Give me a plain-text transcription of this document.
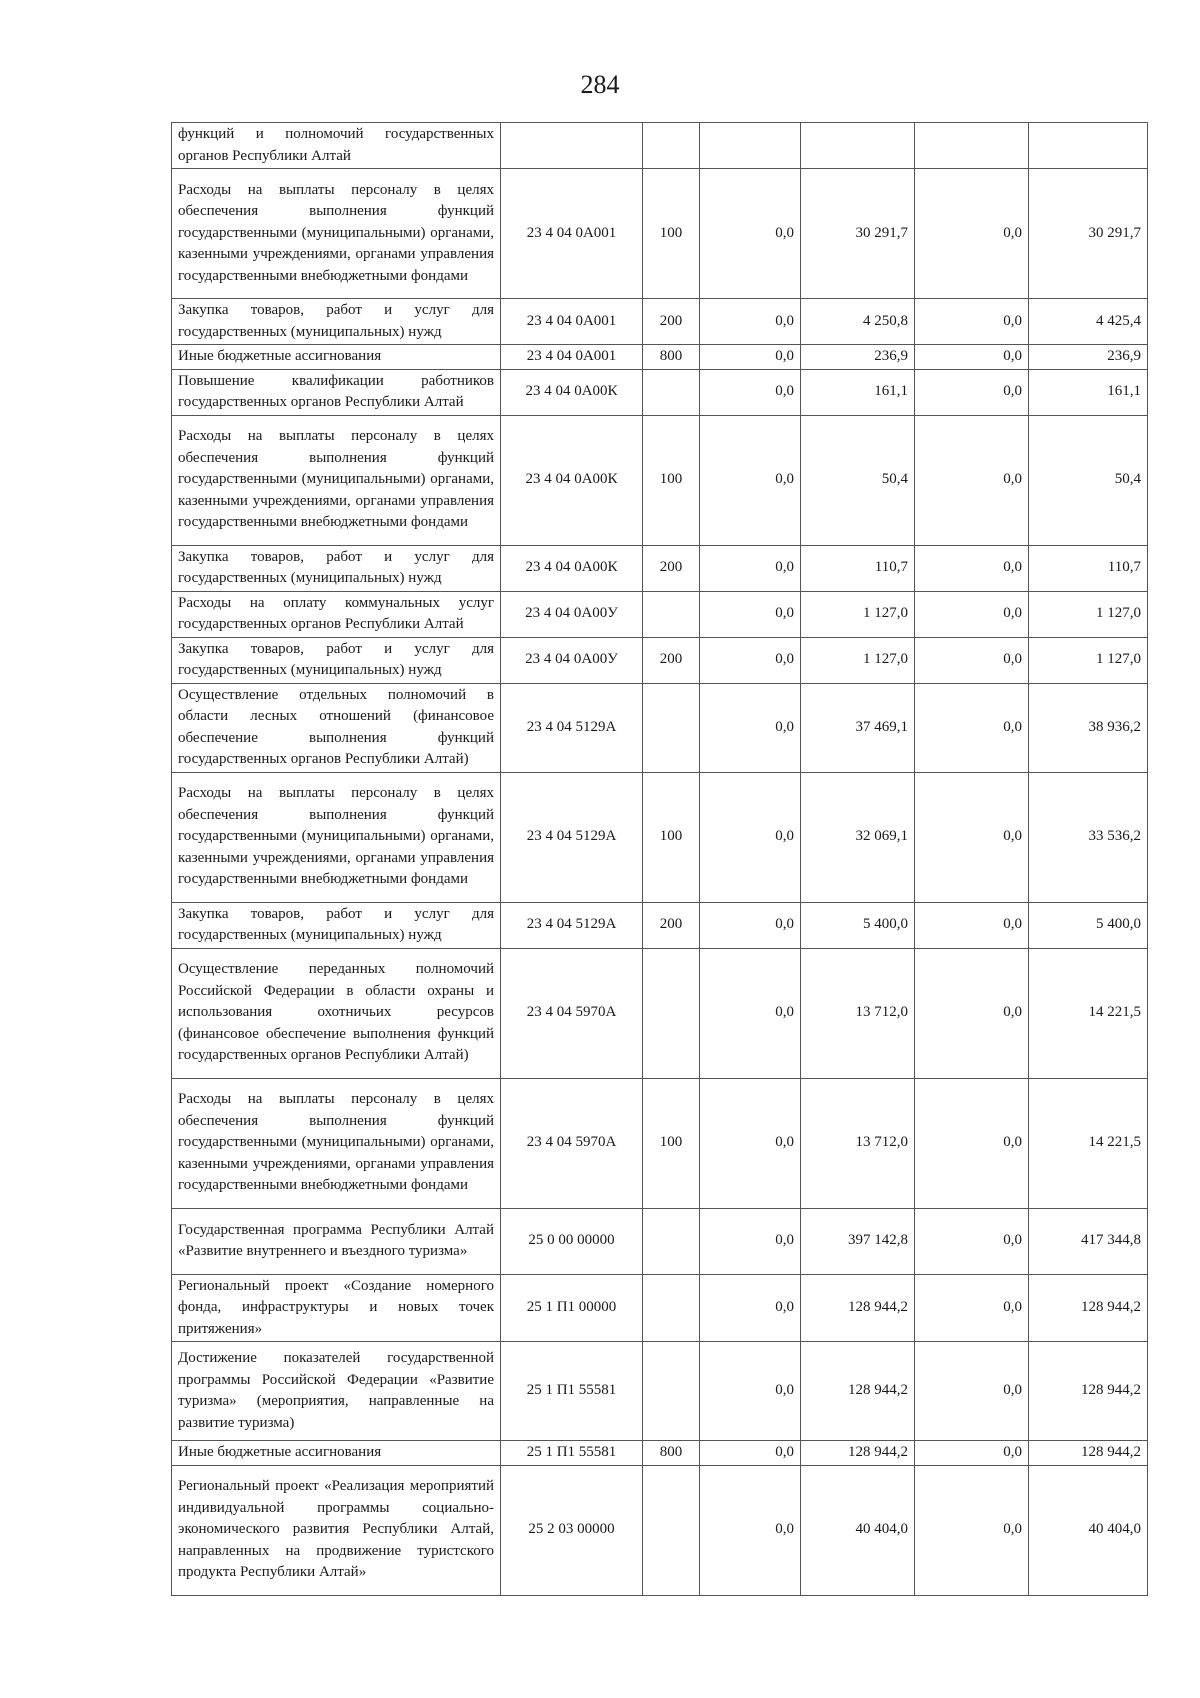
284
функций и полномочий государственных органов Республики Алтай						
Расходы на выплаты персоналу в целях обеспечения выполнения функций государственными (муниципальными) органами, казенными учреждениями, органами управления государственными внебюджетными фондами	23 4 04 0А001	100	0,0	30 291,7	0,0	30 291,7
Закупка товаров, работ и услуг для государственных (муниципальных) нужд	23 4 04 0А001	200	0,0	4 250,8	0,0	4 425,4
Иные бюджетные ассигнования	23 4 04 0А001	800	0,0	236,9	0,0	236,9
Повышение квалификации работников государственных органов Республики Алтай	23 4 04 0А00К		0,0	161,1	0,0	161,1
Расходы на выплаты персоналу в целях обеспечения выполнения функций государственными (муниципальными) органами, казенными учреждениями, органами управления государственными внебюджетными фондами	23 4 04 0А00К	100	0,0	50,4	0,0	50,4
Закупка товаров, работ и услуг для государственных (муниципальных) нужд	23 4 04 0А00К	200	0,0	110,7	0,0	110,7
Расходы на оплату коммунальных услуг государственных органов Республики Алтай	23 4 04 0А00У		0,0	1 127,0	0,0	1 127,0
Закупка товаров, работ и услуг для государственных (муниципальных) нужд	23 4 04 0А00У	200	0,0	1 127,0	0,0	1 127,0
Осуществление отдельных полномочий в области лесных отношений (финансовое обеспечение выполнения функций государственных органов Республики Алтай)	23 4 04 5129А		0,0	37 469,1	0,0	38 936,2
Расходы на выплаты персоналу в целях обеспечения выполнения функций государственными (муниципальными) органами, казенными учреждениями, органами управления государственными внебюджетными фондами	23 4 04 5129А	100	0,0	32 069,1	0,0	33 536,2
Закупка товаров, работ и услуг для государственных (муниципальных) нужд	23 4 04 5129А	200	0,0	5 400,0	0,0	5 400,0
Осуществление переданных полномочий Российской Федерации в области охраны и использования охотничьих ресурсов (финансовое обеспечение выполнения функций государственных органов Республики Алтай)	23 4 04 5970А		0,0	13 712,0	0,0	14 221,5
Расходы на выплаты персоналу в целях обеспечения выполнения функций государственными (муниципальными) органами, казенными учреждениями, органами управления государственными внебюджетными фондами	23 4 04 5970А	100	0,0	13 712,0	0,0	14 221,5
Государственная программа Республики Алтай «Развитие внутреннего и въездного туризма»	25 0 00 00000		0,0	397 142,8	0,0	417 344,8
Региональный проект «Создание номерного фонда, инфраструктуры и новых точек притяжения»	25 1 П1 00000		0,0	128 944,2	0,0	128 944,2
Достижение показателей государственной программы Российской Федерации «Развитие туризма» (мероприятия, направленные на развитие туризма)	25 1 П1 55581		0,0	128 944,2	0,0	128 944,2
Иные бюджетные ассигнования	25 1 П1 55581	800	0,0	128 944,2	0,0	128 944,2
Региональный проект «Реализация мероприятий индивидуальной программы социально-экономического развития Республики Алтай, направленных на продвижение туристского продукта Республики Алтай»	25 2 03 00000		0,0	40 404,0	0,0	40 404,0
